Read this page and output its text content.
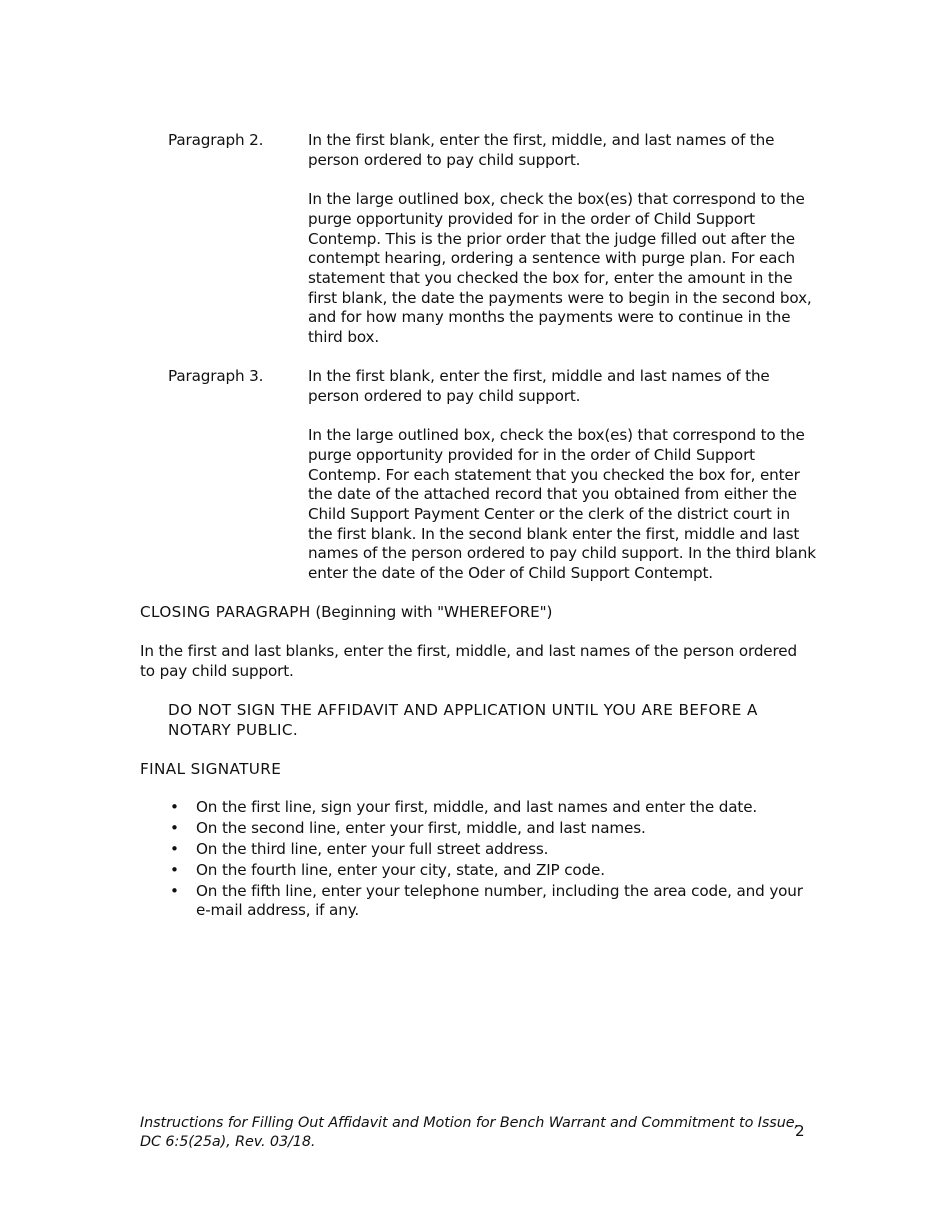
Paragraph 2.	In the first blank, enter the first, middle, and last names of the person ordered to pay child support.

In the large outlined box, check the box(es) that correspond to the purge opportunity provided for in the order of Child Support Contemp. This is the prior order that the judge filled out after the contempt hearing, ordering a sentence with purge plan. For each statement that you checked the box for, enter the amount in the first blank, the date the payments were to begin in the second box, and for how many months the payments were to continue in the third box.

Paragraph 3.	In the first blank, enter the first, middle and last names of the person ordered to pay child support.

In the large outlined box, check the box(es) that correspond to the purge opportunity provided for in the order of Child Support Contemp. For each statement that you checked the box for, enter the date of the attached record that you obtained from either the Child Support Payment Center or the clerk of the district court in the first blank. In the second blank enter the first, middle and last names of the person ordered to pay child support. In the third blank enter the date of the Oder of Child Support Contempt.

CLOSING PARAGRAPH (Beginning with "WHEREFORE")
In the first and last blanks, enter the first, middle, and last names of the person ordered to pay child support.
DO NOT SIGN THE AFFIDAVIT AND APPLICATION UNTIL YOU ARE BEFORE A NOTARY PUBLIC.
FINAL SIGNATURE
• On the first line, sign your first, middle, and last names and enter the date.
• On the second line, enter your first, middle, and last names.
• On the third line, enter your full street address.
• On the fourth line, enter your city, state, and ZIP code.
• On the fifth line, enter your telephone number, including the area code, and your e-mail address, if any.
Instructions for Filling Out Affidavit and Motion for Bench Warrant and Commitment to Issue,
DC 6:5(25a), Rev. 03/18.
2
